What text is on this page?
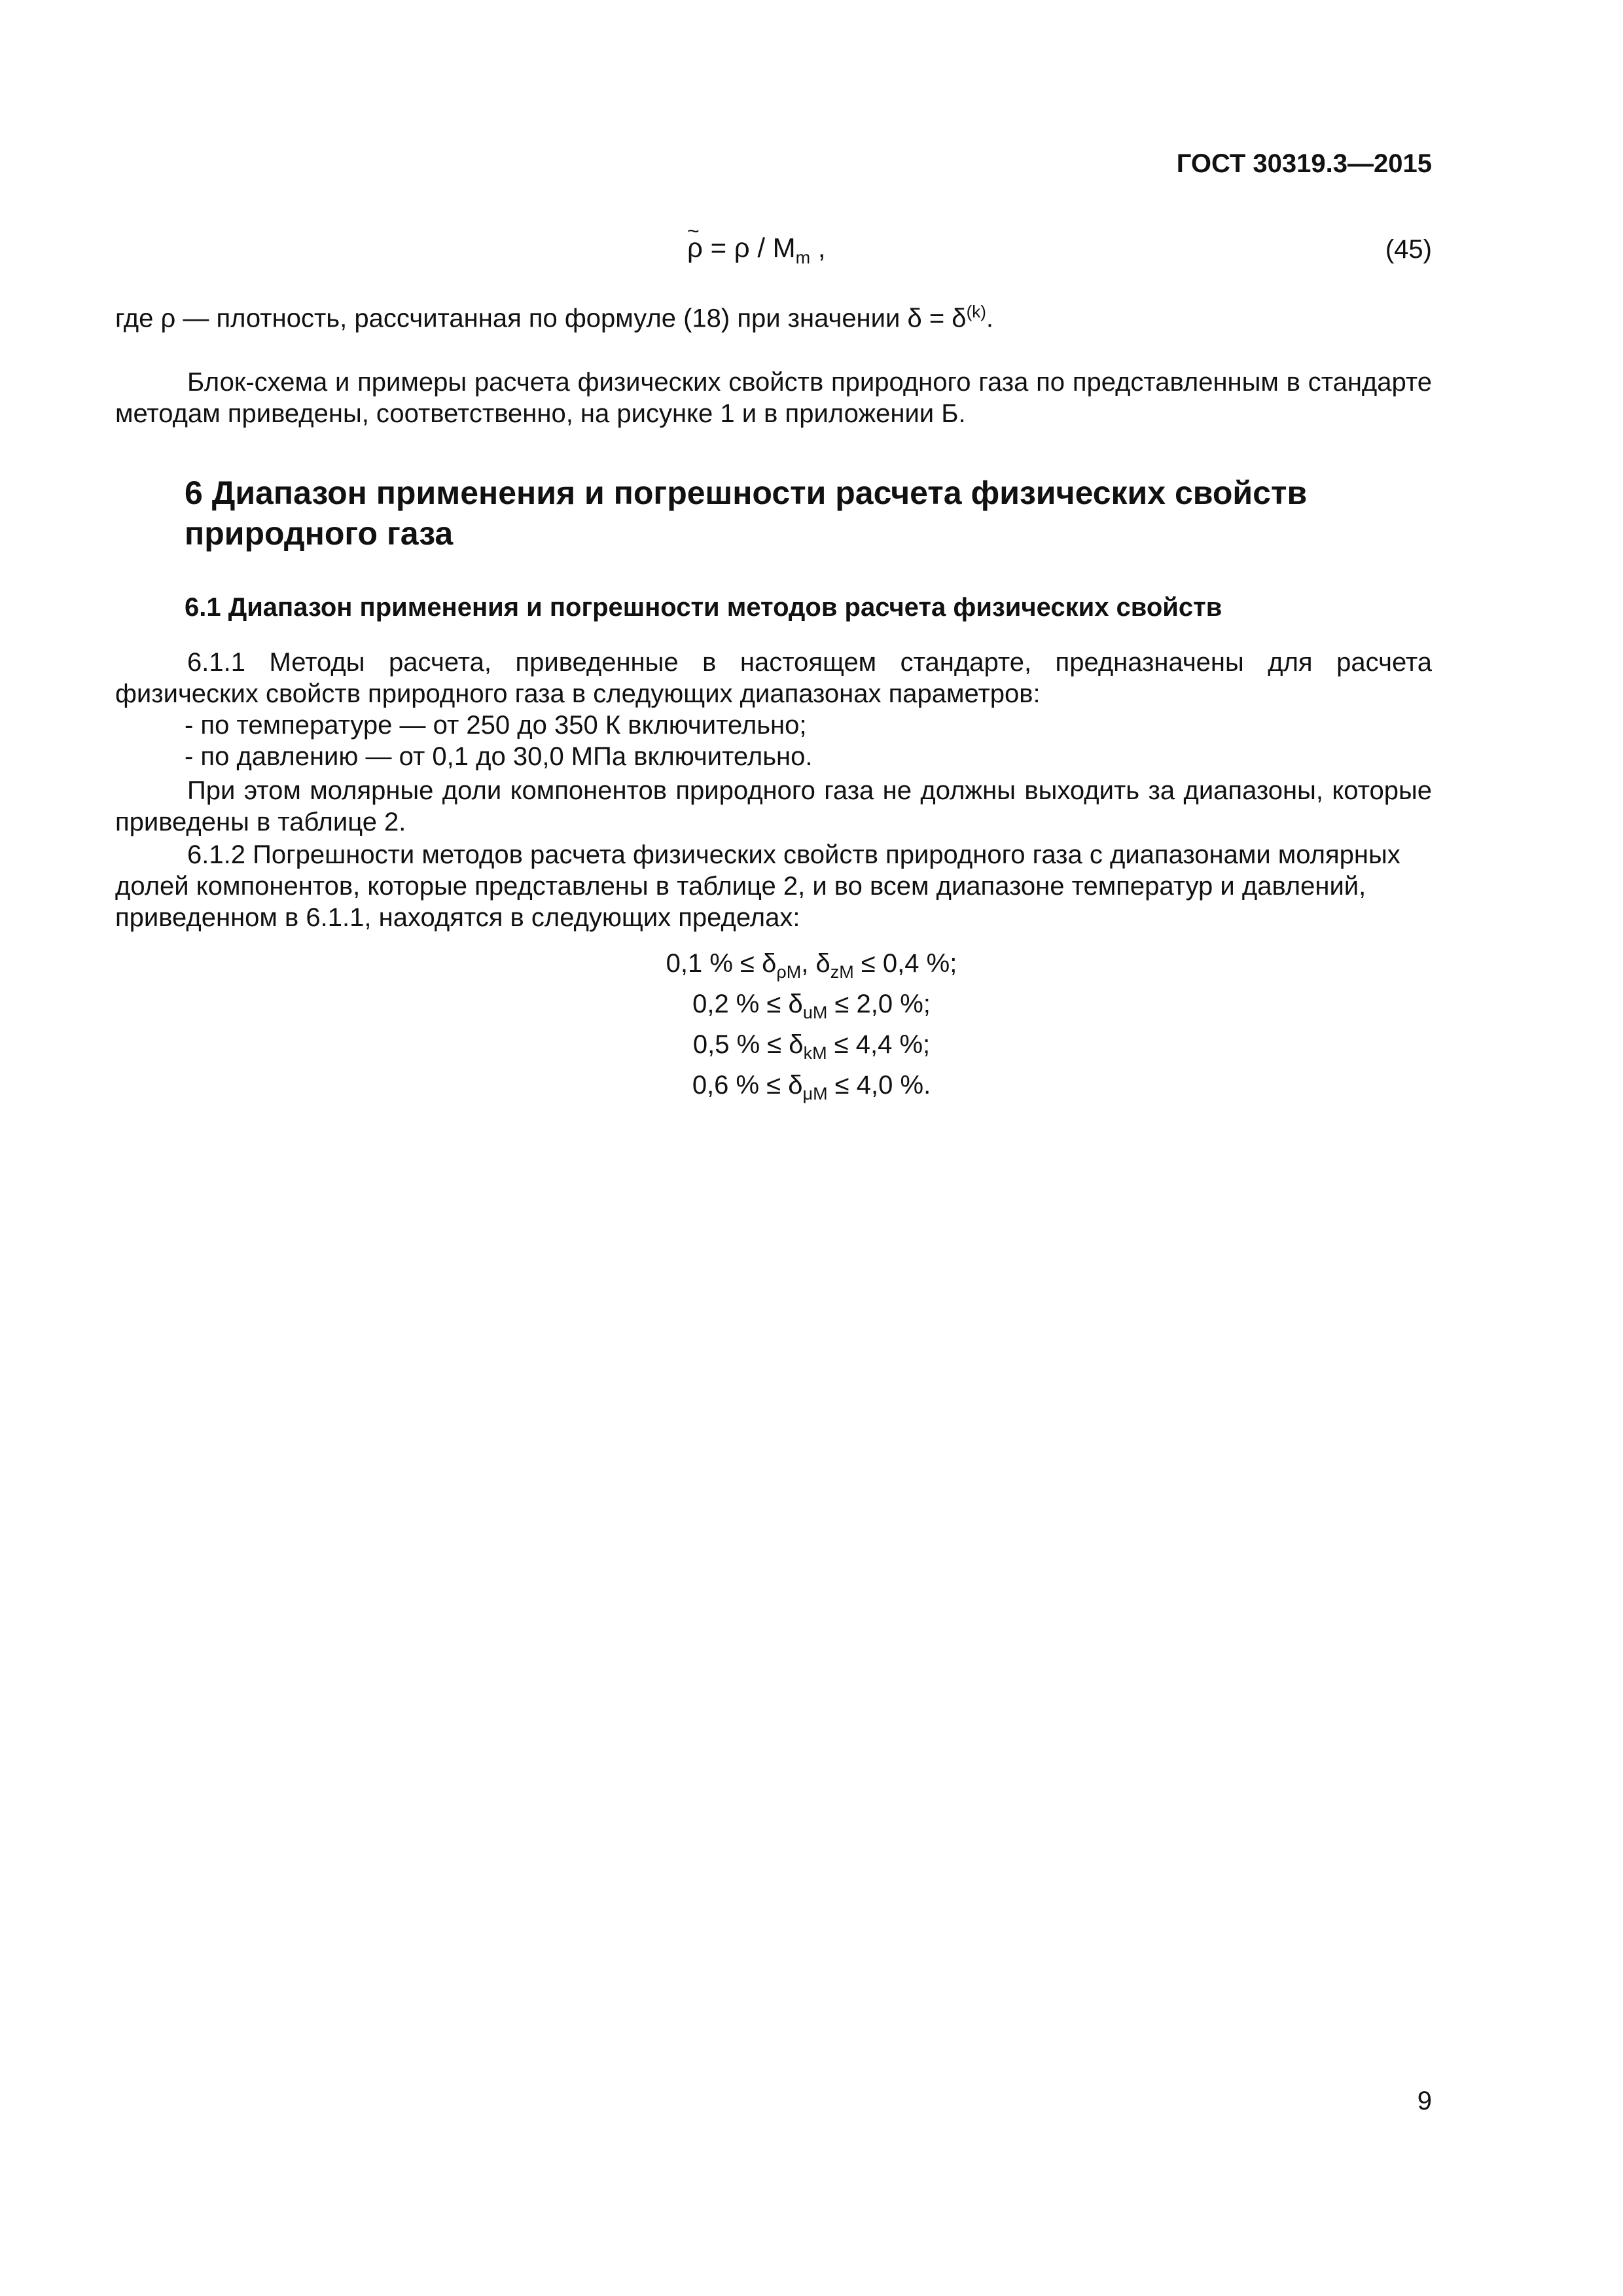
ГОСТ 30319.3—2015
~ $\rho = \rho / M_m$ ,	(45)
где ρ — плотность, рассчитанная по формуле (18) при значении $\delta = \delta^{(k)}$.
Блок-схема и примеры расчета физических свойств природного газа по представленным в стандарте методам приведены, соответственно, на рисунке 1 и в приложении Б.
6 Диапазон применения и погрешности расчета физических свойств
природного газа
6.1 Диапазон применения и погрешности методов расчета физических свойств
6.1.1 Методы расчета, приведенные в настоящем стандарте, предназначены для расчета физических свойств природного газа в следующих диапазонах параметров:
- по температуре — от 250 до 350 К включительно;
- по давлению — от 0,1 до 30,0 МПа включительно.
При этом молярные доли компонентов природного газа не должны выходить за диапазоны, которые приведены в таблице 2.
6.1.2 Погрешности методов расчета физических свойств природного газа с диапазонами молярных долей компонентов, которые представлены в таблице 2, и во всем диапазоне температур и давлений, приведенном в 6.1.1, находятся в следующих пределах:
0,1 % ≤ $\delta_{\rho М}$, $\delta_{zМ} \le 0,4$ %;
0,2 % ≤ $\delta_{uМ} \le 2,0$ %;
0,5 % ≤ $\delta_{kМ} \le 4,4$ %;
0,6 % ≤ $\delta_{\mu М} \le 4,0$ %.
9
